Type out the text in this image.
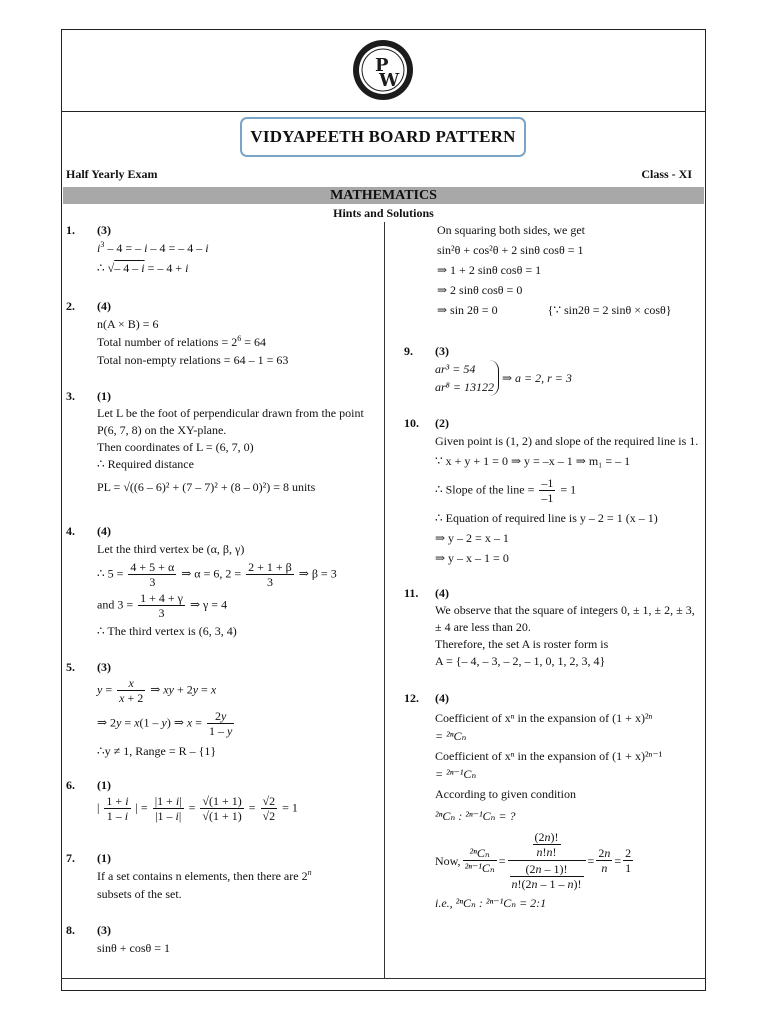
P
W
VIDYAPEETH BOARD PATTERN
Half Yearly Exam	Class - XI
MATHEMATICS
Hints and Solutions
1. (3)
$i^3 - 4$ = – i – 4 = – 4 – i
∴ √– 4 – i = – 4 + i
2. (4)
n(A × B) = 6
Total number of relations = $2^6 = 64$
Total non-empty relations = 64 – 1 = 63
3. (1)
Let L be the foot of perpendicular drawn from the point P(6, 7, 8) on the XY-plane.
Then coordinates of L = (6, 7, 0)
∴ Required distance
PL = √((6 – 6)² + (7 – 7)² + (8 – 0)²) = 8 units
4. (4)
Let the third vertex be (α, β, γ)
∴ $5 = \frac{4 + 5 + \alpha}{3}$ ⇒ α = 6, $2 = \frac{2 + 1 + \beta}{3}$ ⇒ β = 3
and $3 = \frac{1 + 4 + \gamma}{3}$ ⇒ γ = 4
∴ The third vertex is (6, 3, 4)
5. (3)
$y = \frac{x}{x + 2}$ ⇒ xy + 2y = x
⇒ 2y = x(1 – y) ⇒ $x = \frac{2y}{1 - y}$
∴y ≠ 1, Range = R – {1}
6. (1)
| $\frac{1 + i}{1 - i}$ | = $\frac{|1 + i|}{|1 - i|} = \frac{√(1 + 1)}{√(1 + 1)} = \frac{√2}{√2} = 1$
7. (1)
If a set contains n elements, then there are 2$^n$
subsets of the set.
8. (3)
sinθ + cosθ = 1
On squaring both sides, we get
sin²θ + cos²θ + 2 sinθ cosθ = 1
⇒ 1 + 2 sinθ cosθ = 1
⇒ 2 sinθ cosθ = 0
⇒ sin 2θ = 0	{∵ sin2θ = 2 sinθ × cosθ}
9. (3)
ar³ = 54
ar⁸ = 13122
⇒ a = 2, r = 3
10. (2)
Given point is (1, 2) and slope of the required line is 1.
∵ x + y + 1 = 0 ⇒ y = –x – 1 ⇒ m₁ = – 1
∴ Slope of the line = $\frac{-1}{-1} = 1$
∴ Equation of required line is y – 2 = 1 (x – 1)
⇒ y – 2 = x – 1
⇒ y – x – 1 = 0
11. (4)
We observe that the square of integers 0, ± 1, ± 2, ± 3, ± 4 are less than 20.
Therefore, the set A is roster form is
A = {– 4, – 3, – 2, – 1, 0, 1, 2, 3, 4}
12. (4)
Coefficient of xⁿ in the expansion of (1 + x)²ⁿ
= ²ⁿCₙ
Coefficient of xⁿ in the expansion of (1 + x)²ⁿ⁻¹
= ²ⁿ⁻¹Cₙ
According to given condition
²ⁿCₙ : ²ⁿ⁻¹Cₙ = ?
Now, $\frac{\text{²ⁿCₙ}}{\text{²ⁿ⁻¹Cₙ}} = \frac{\frac{(2n)!}{n!n!}}{\frac{(2n - 1)!}{n!(2n - 1 - n)!}} = \frac{2n}{n} = \frac{2}{1}$
i.e., ²ⁿCₙ : ²ⁿ⁻¹Cₙ = 2:1
